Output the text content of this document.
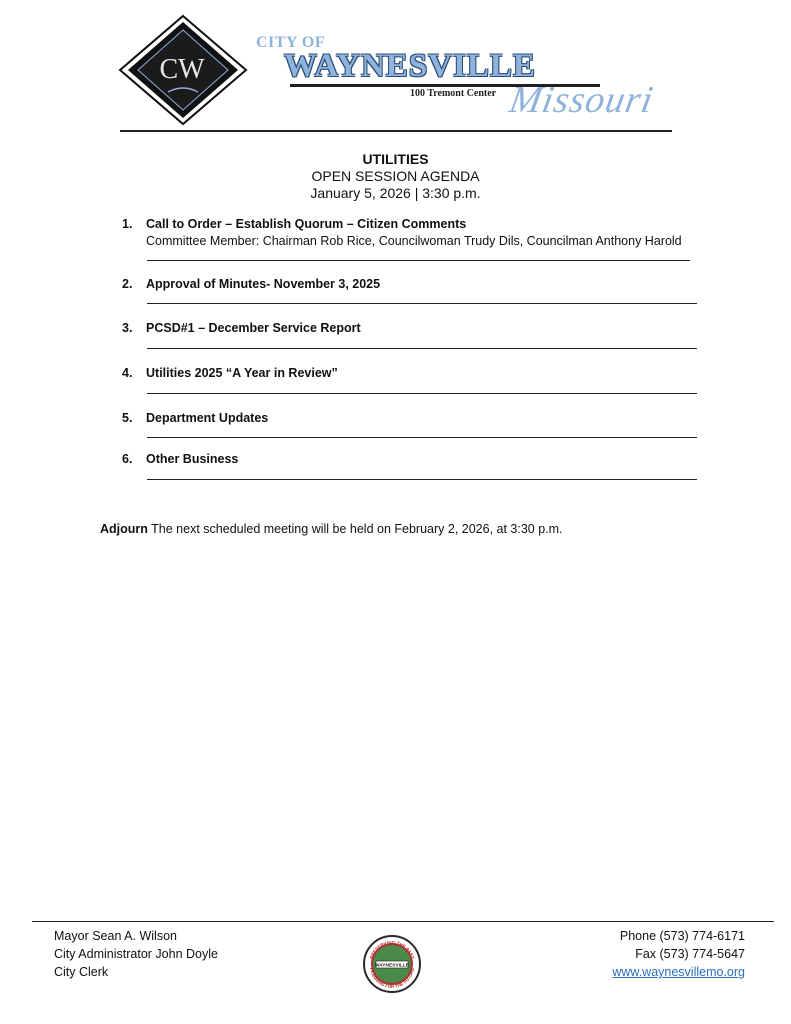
CW
CITY OF
WAYNESVILLE
100 Tremont Center Missouri
UTILITIES
OPEN SESSION AGENDA
January 5, 2026 | 3:30 p.m.
1. Call to Order – Establish Quorum – Citizen Comments
Committee Member: Chairman Rob Rice, Councilwoman Trudy Dils, Councilman Anthony Harold
2. Approval of Minutes- November 3, 2025
3. PCSD#1 – December Service Report
4. Utilities 2025 “A Year in Review”
5. Department Updates
6. Other Business
Adjourn The next scheduled meeting will be held on February 2, 2026, at 3:30 p.m.
Mayor Sean A. Wilson
City Administrator John Doyle
City Clerk
PRESERVING THE PAST
PLANNING FOR THE FUTURE
WAYNESVILLE
Phone (573) 774-6171
Fax (573) 774-5647
www.waynesvillemo.org
